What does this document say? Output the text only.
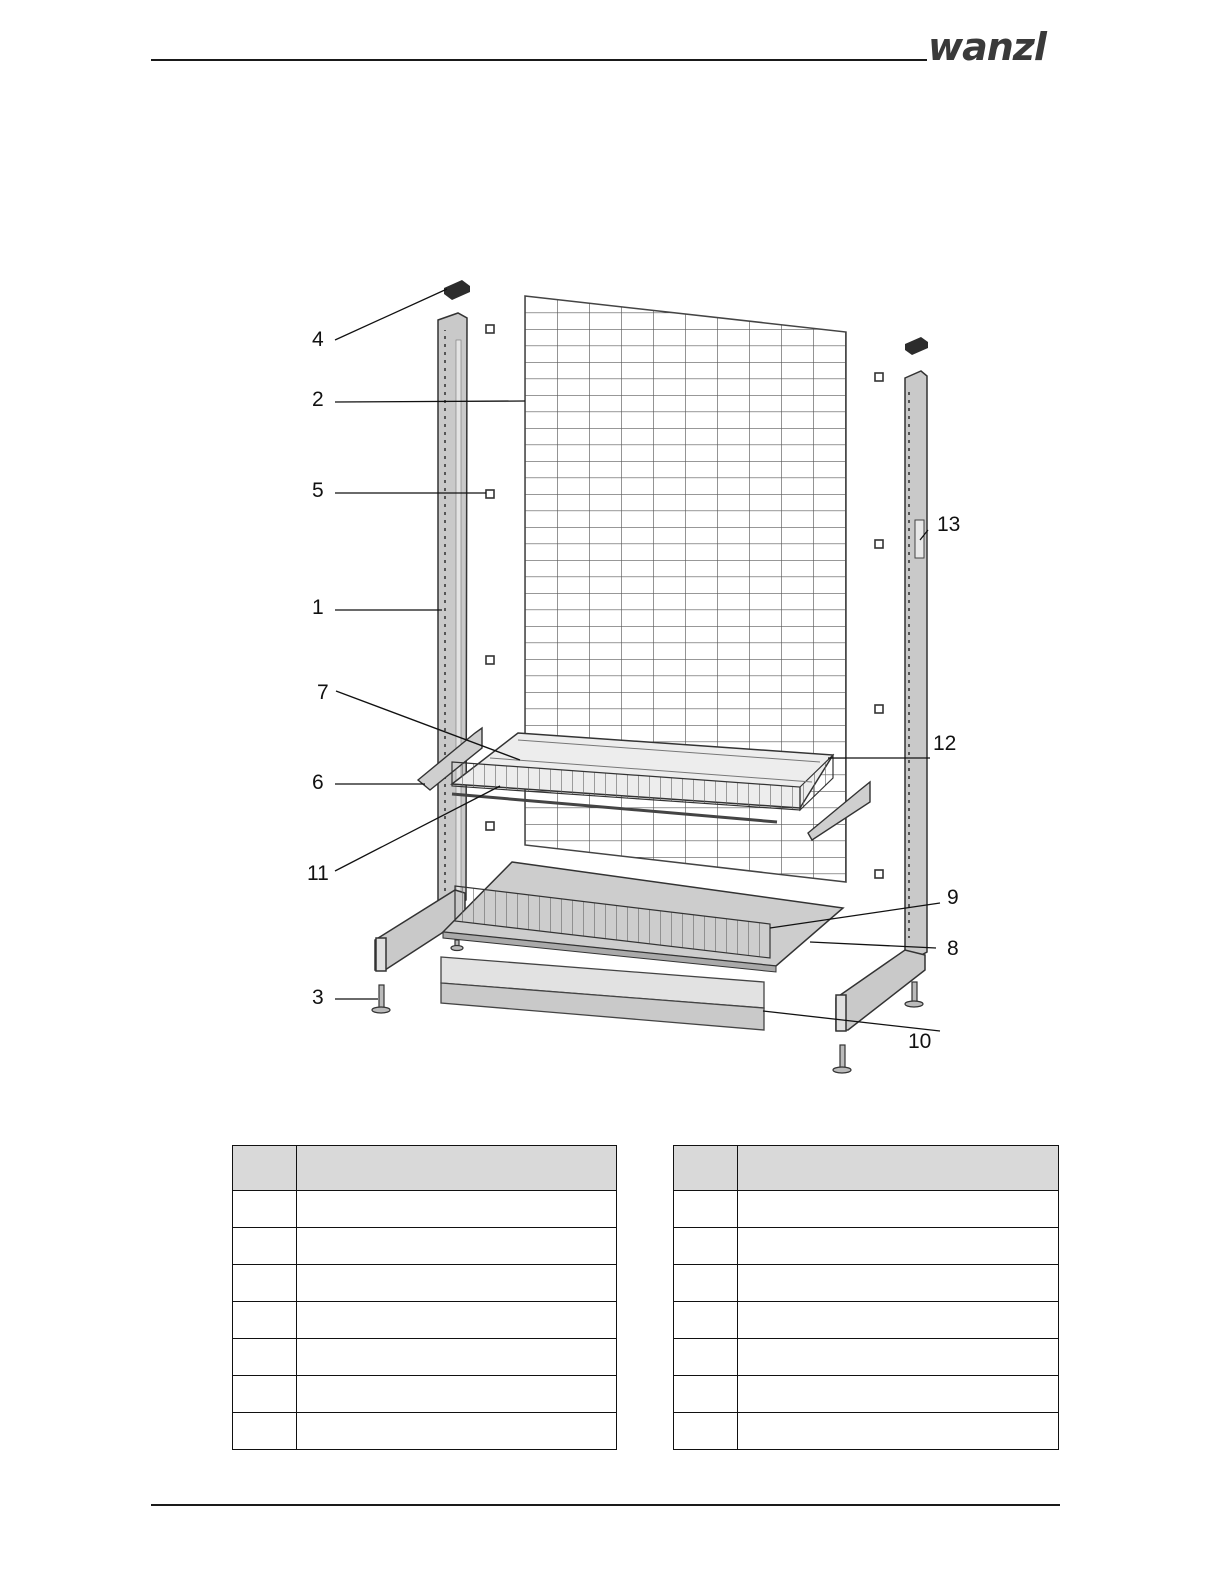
wanzl
4
2
5
1
7
6
11
3
13
12
9
8
10
